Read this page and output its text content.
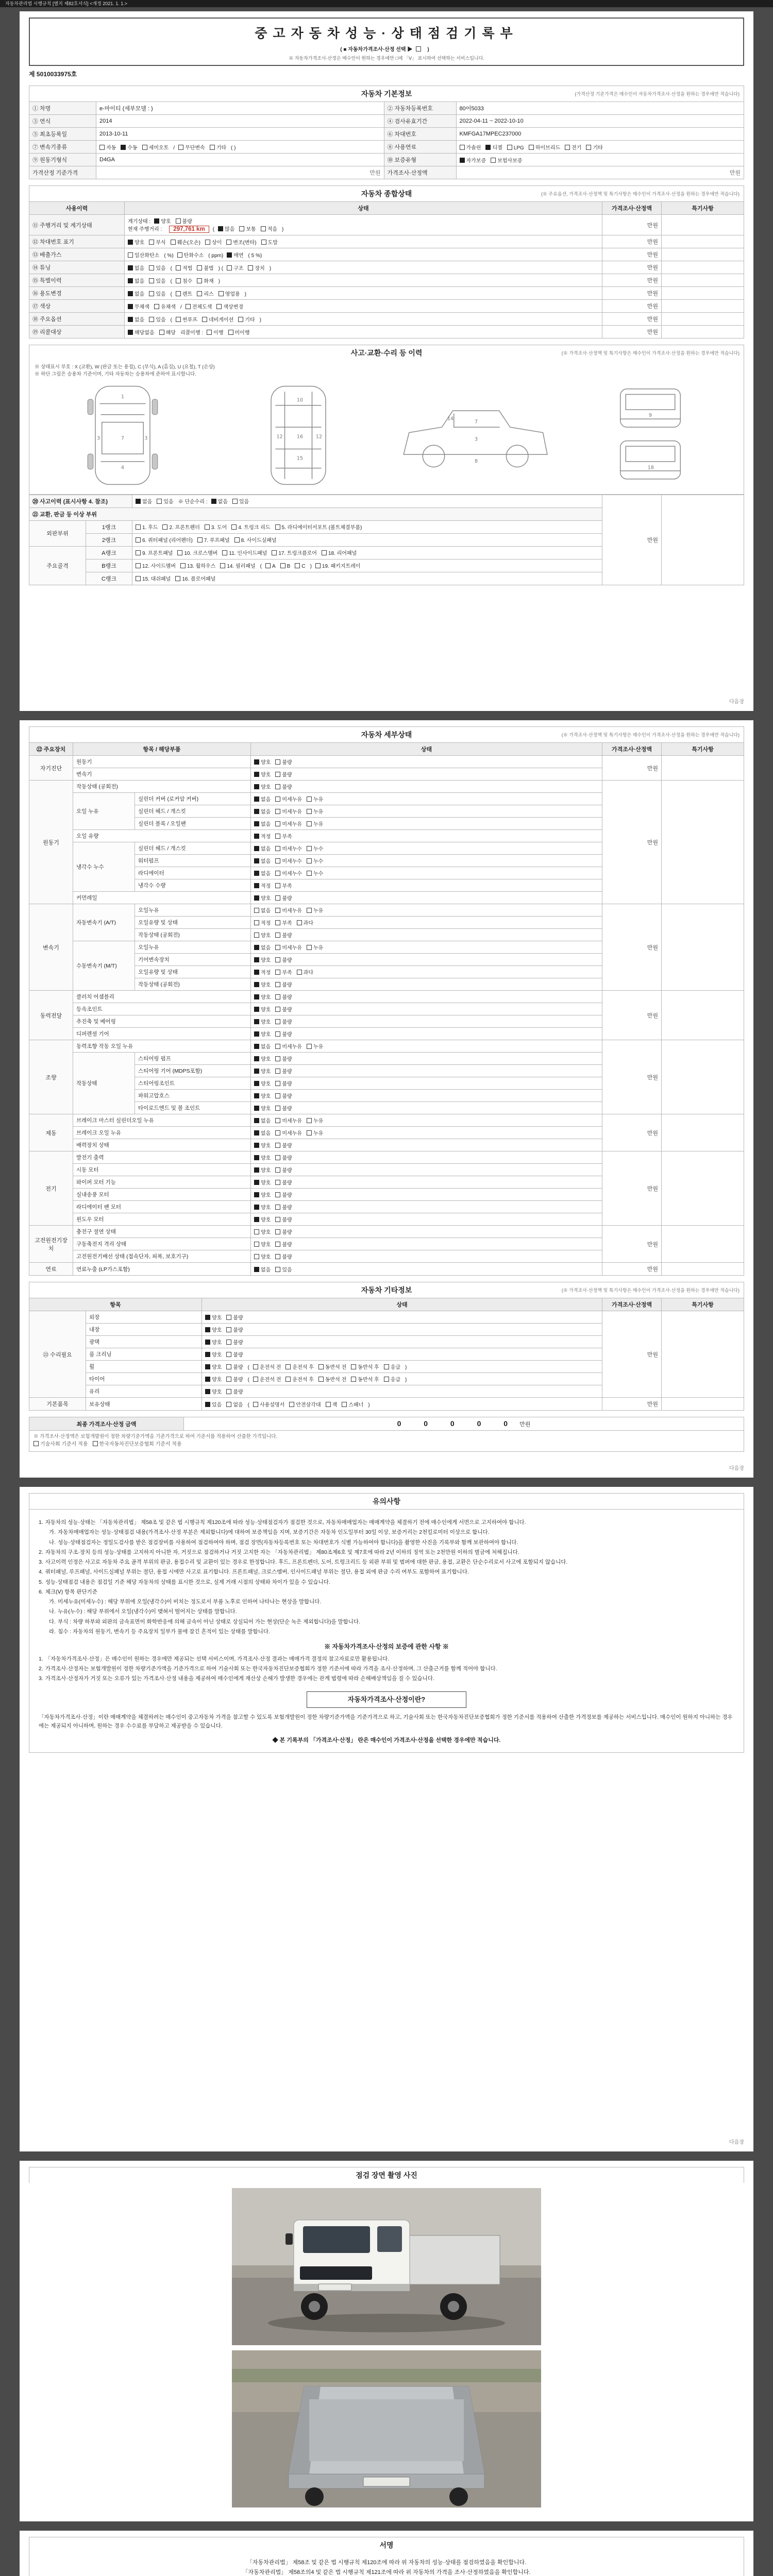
자동차관리법 시행규칙 [별지 제82호서식] <개정 2021. 1. 1.>
중고자동차성능·상태점검기록부
( ■ 자동차가격조사·산정 선택 ▶	)
※ 자동차가격조사·산정은 매수인이 원하는 경우에만 □에 「Ⅴ」 표시하여 선택하는 서비스입니다.
제 5010033975호
자동차 기본정보	(가격산정 기준가격은 매수인이 자동차가격조사·산정을 원하는 경우에만 적습니다)
① 차명	e-마이티 (세부모델 : )	② 자동차등록번호	80어5033
③ 연식	2014	④ 검사유효기간	2022-04-11 ~ 2022-10-10
⑤ 최초등록일	2013-10-11	⑥ 차대번호	KMFGA17MPEC237000
⑦ 변속기종류	자동 수동 세미오토 / 무단변속 기타 ( )	⑧ 사용연료	가솔린 디젤 LPG 하이브리드 전기 기타
⑨ 원동기형식	D4GA	⑩ 보증유형	자가보증 보험사보증
가격산정 기준가격	만원	가격조사·산정액	만원
자동차 종합상태	(※ 주요옵션, 가격조사·산정액 및 특기사항은 매수인이 가격조사·산정을 원하는 경우에만 적습니다)
사용이력	상태	가격조사·산정액	특기사항
⑪ 주행거리 및 계기상태	계기상태 : 양호 불량
현재 주행거리 : 297,761 km ( 많음 보통 적음 )	만원	
⑫ 차대번호 표기	양호 부식 훼손(오손) 상이 변조(변타) 도말	만원	
⑬ 배출가스	일산화탄소 ( %) 탄화수소 ( ppm) 매연 ( 5 %)	만원	
⑭ 튜닝	없음 있음 ( 적법 불법 ) ( 구조 장치 )	만원	
⑮ 특별이력	없음 있음 ( 침수 화재 )	만원	
⑯ 용도변경	없음 있음 ( 렌트 리스 영업용 )	만원	
⑰ 색상	무채색 유채색 / 전체도색 색상변경	만원	
⑱ 주요옵션	없음 있음 ( 썬루프 네비게이션 기타 )	만원	
⑲ 리콜대상	해당없음 해당 리콜이행 : 이행 미이행	만원	
사고·교환·수리 등 이력	(※ 가격조사·산정액 및 특기사항은 매수인이 가격조사·산정을 원하는 경우에만 적습니다)
※ 상태표시 부호 : X (교환), W (판금 또는 용접), C (부식), A (흠집), U (요철), T (손상)
※ 하단 그림은 승용차 기준이며, 기타 자동차는 승용차에 준하여 표시합니다.
1
7
4
3	3
10
12	12
16
15
7
3
8
14
9
18
⑳ 사고이력 (표시사항 4. 참조)		없음 있음 ※ 단순수리 : 없음 있음	만원	
㉑ 교환, 판금 등 이상 부위				
외판부위	1랭크	1. 후드 2. 프론트펜더 3. 도어 4. 트렁크 리드 5. 라디에이터서포트 (볼트체결부품)		
	2랭크	6. 쿼터패널 (리어펜더) 7. 루프패널 8. 사이드실패널		
주요골격	A랭크	9. 프론트패널 10. 크로스멤버 11. 인사이드패널 17. 트렁크플로어 18. 리어패널		
	B랭크	12. 사이드멤버 13. 휠하우스 14. 필러패널 ( A B C ) 19. 패키지트레이		
	C랭크	15. 대쉬패널 16. 플로어패널		
다음장
자동차 세부상태	(※ 가격조사·산정액 및 특기사항은 매수인이 가격조사·산정을 원하는 경우에만 적습니다)
㉒ 주요장치	항목 / 해당부품		상태	가격조사·산정액	특기사항
자기진단	원동기		양호 불량	만원	
	변속기		양호 불량		
원동기	작동상태 (공회전)		양호 불량	만원	
	오일 누유	실린더 커버 (로커암 커버)	없음 미세누유 누유		
		실린더 헤드 / 개스킷	없음 미세누유 누유		
		실린더 블록 / 오일팬	없음 미세누유 누유		
	오일 유량		적정 부족		
	냉각수 누수	실린더 헤드 / 개스킷	없음 미세누수 누수		
		워터펌프	없음 미세누수 누수		
		라디에이터	없음 미세누수 누수		
		냉각수 수량	적정 부족		
	커먼레일		양호 불량		
변속기	자동변속기 (A/T)	오일누유	없음 미세누유 누유	만원	
		오일유량 및 상태	적정 부족 과다		
		작동상태 (공회전)	양호 불량		
	수동변속기 (M/T)	오일누유	없음 미세누유 누유		
		기어변속장치	양호 불량		
		오일유량 및 상태	적정 부족 과다		
		작동상태 (공회전)	양호 불량		
동력전달	클러치 어셈블리		양호 불량	만원	
	등속조인트		양호 불량		
	추진축 및 베어링		양호 불량		
	디퍼렌셜 기어		양호 불량		
조향	동력조향 작동 오일 누유		없음 미세누유 누유	만원	
	작동상태	스티어링 펌프	양호 불량		
		스티어링 기어 (MDPS포함)	양호 불량		
		스티어링조인트	양호 불량		
		파워고압호스	양호 불량		
		타이로드엔드 및 볼 조인트	양호 불량		
제동	브레이크 마스터 실린더오일 누유		없음 미세누유 누유	만원	
	브레이크 오일 누유		없음 미세누유 누유		
	배력장치 상태		양호 불량		
전기	발전기 출력		양호 불량	만원	
	시동 모터		양호 불량		
	와이퍼 모터 기능		양호 불량		
	실내송풍 모터		양호 불량		
	라디에이터 팬 모터		양호 불량		
	윈도우 모터		양호 불량		
고전원전기장치	충전구 절연 상태		양호 불량	만원	
	구동축전지 격리 상태		양호 불량		
	고전원전기배선 상태 (접속단자, 피복, 보호기구)		양호 불량		
연료	연료누출 (LP가스포함)		없음 있음	만원	
자동차 기타정보	(※ 가격조사·산정액 및 특기사항은 매수인이 가격조사·산정을 원하는 경우에만 적습니다)
항목		상태	가격조사·산정액	특기사항
㉓ 수리필요	외장	양호 불량	만원	
	내장	양호 불량		
	광택	양호 불량		
	룸 크리닝	양호 불량		
	휠	양호 불량 ( 운전석 전 운전석 후 동반석 전 동반석 후 응급 )		
	타이어	양호 불량 ( 운전석 전 운전석 후 동반석 전 동반석 후 응급 )		
	유리	양호 불량		
기본품목	보유상태	있음 없음 ( 사용설명서 안전삼각대 잭 스패너 )	만원	
최종 가격조사·산정 금액	0 0 0 0 0 만원
※ 가격조사·산정액은 보험개발원이 정한 차량기준가액을 기준가격으로 하여 기준서를 적용하여 산출한 가격입니다.
기술사회 기준서 적용 한국자동차진단보증협회 기준서 적용
다음장
유의사항
1. 자동차의 성능·상태는 「자동차관리법」 제58조 및 같은 법 시행규칙 제120조에 따라 성능·상태점검자가 점검한 것으로, 자동차매매업자는 매매계약을 체결하기 전에 매수인에게 서면으로 고지하여야 합니다.
가. 자동차매매업자는 성능·상태점검 내용(가격조사·산정 부분은 제외합니다)에 대하여 보증책임을 지며, 보증기간은 자동차 인도일부터 30일 이상, 보증거리는 2천킬로미터 이상으로 합니다.
나. 성능·상태점검자는 정밀도검사를 받은 점검장비를 사용하여 점검하여야 하며, 점검 장면(자동차등록번호 또는 차대번호가 식별 가능하여야 합니다)을 촬영한 사진을 기록부와 함께 보관하여야 합니다.
2. 자동차의 구조·장치 등의 성능·상태를 고지하지 아니한 자, 거짓으로 점검하거나 거짓 고지한 자는 「자동차관리법」 제80조제6호 및 제7호에 따라 2년 이하의 징역 또는 2천만원 이하의 벌금에 처해집니다.
3. 사고이력 인정은 사고로 자동차 주요 골격 부위의 판금, 용접수리 및 교환이 있는 경우로 한정합니다. 후드, 프론트펜더, 도어, 트렁크리드 등 외판 부위 및 범퍼에 대한 판금, 용접, 교환은 단순수리로서 사고에 포함되지 않습니다.
4. 쿼터패널, 루프패널, 사이드실패널 부위는 절단, 용접 시에만 사고로 표기합니다. 프론트패널, 크로스멤버, 인사이드패널 부위는 절단, 용접 외에 판금 수리 여부도 포함하여 표기합니다.
5. 성능·상태점검 내용은 점검일 기준 해당 자동차의 상태를 표시한 것으로, 실제 거래 시점의 상태와 차이가 있을 수 있습니다.
6. 체크(Ⅴ) 항목 판단기준
가. 미세누유(미세누수) : 해당 부위에 오일(냉각수)이 비치는 정도로서 부품 노후로 인하여 나타나는 현상을 말합니다.
나. 누유(누수) : 해당 부위에서 오일(냉각수)이 맺혀서 떨어지는 상태를 말합니다.
다. 부식 : 차량 하부와 외판의 금속표면이 화학반응에 의해 금속이 아닌 상태로 상실되어 가는 현상(단순 녹은 제외합니다)을 말합니다.
라. 침수 : 자동차의 원동기, 변속기 등 주요장치 일부가 물에 잠긴 흔적이 있는 상태를 말합니다.
※ 자동차가격조사·산정의 보증에 관한 사항 ※
1. 「자동차가격조사·산정」은 매수인이 원하는 경우에만 제공되는 선택 서비스이며, 가격조사·산정 결과는 매매가격 결정의 참고자료로만 활용됩니다.
2. 가격조사·산정자는 보험개발원이 정한 차량기준가액을 기준가격으로 하여 기술사회 또는 한국자동차진단보증협회가 정한 기준서에 따라 가격을 조사·산정하며, 그 산출근거를 함께 적어야 합니다.
3. 가격조사·산정자가 거짓 또는 오류가 있는 가격조사·산정 내용을 제공하여 매수인에게 재산상 손해가 발생한 경우에는 관계 법령에 따라 손해배상책임을 질 수 있습니다.
자동차가격조사·산정이란?
「자동차가격조사·산정」이란 매매계약을 체결하려는 매수인이 중고자동차 가격을 참고할 수 있도록 보험개발원이 정한 차량기준가액을 기준가격으로 하고, 기술사회 또는 한국자동차진단보증협회가 정한 기준서를 적용하여 산출한 가격정보를 제공하는 서비스입니다. 매수인이 원하지 아니하는 경우에는 제공되지 아니하며, 원하는 경우 수수료를 부담하고 제공받을 수 있습니다.
◆ 본 기록부의 「가격조사·산정」 란은 매수인이 가격조사·산정을 선택한 경우에만 적습니다.
다음장
점검 장면 촬영 사진
서명
「자동차관리법」 제58조 및 같은 법 시행규칙 제120조에 따라 위 자동차의 성능·상태를 점검하였음을 확인합니다.
「자동차관리법」 제58조의4 및 같은 법 시행규칙 제121조에 따라 위 자동차의 가격을 조사·산정하였음을 확인합니다.
